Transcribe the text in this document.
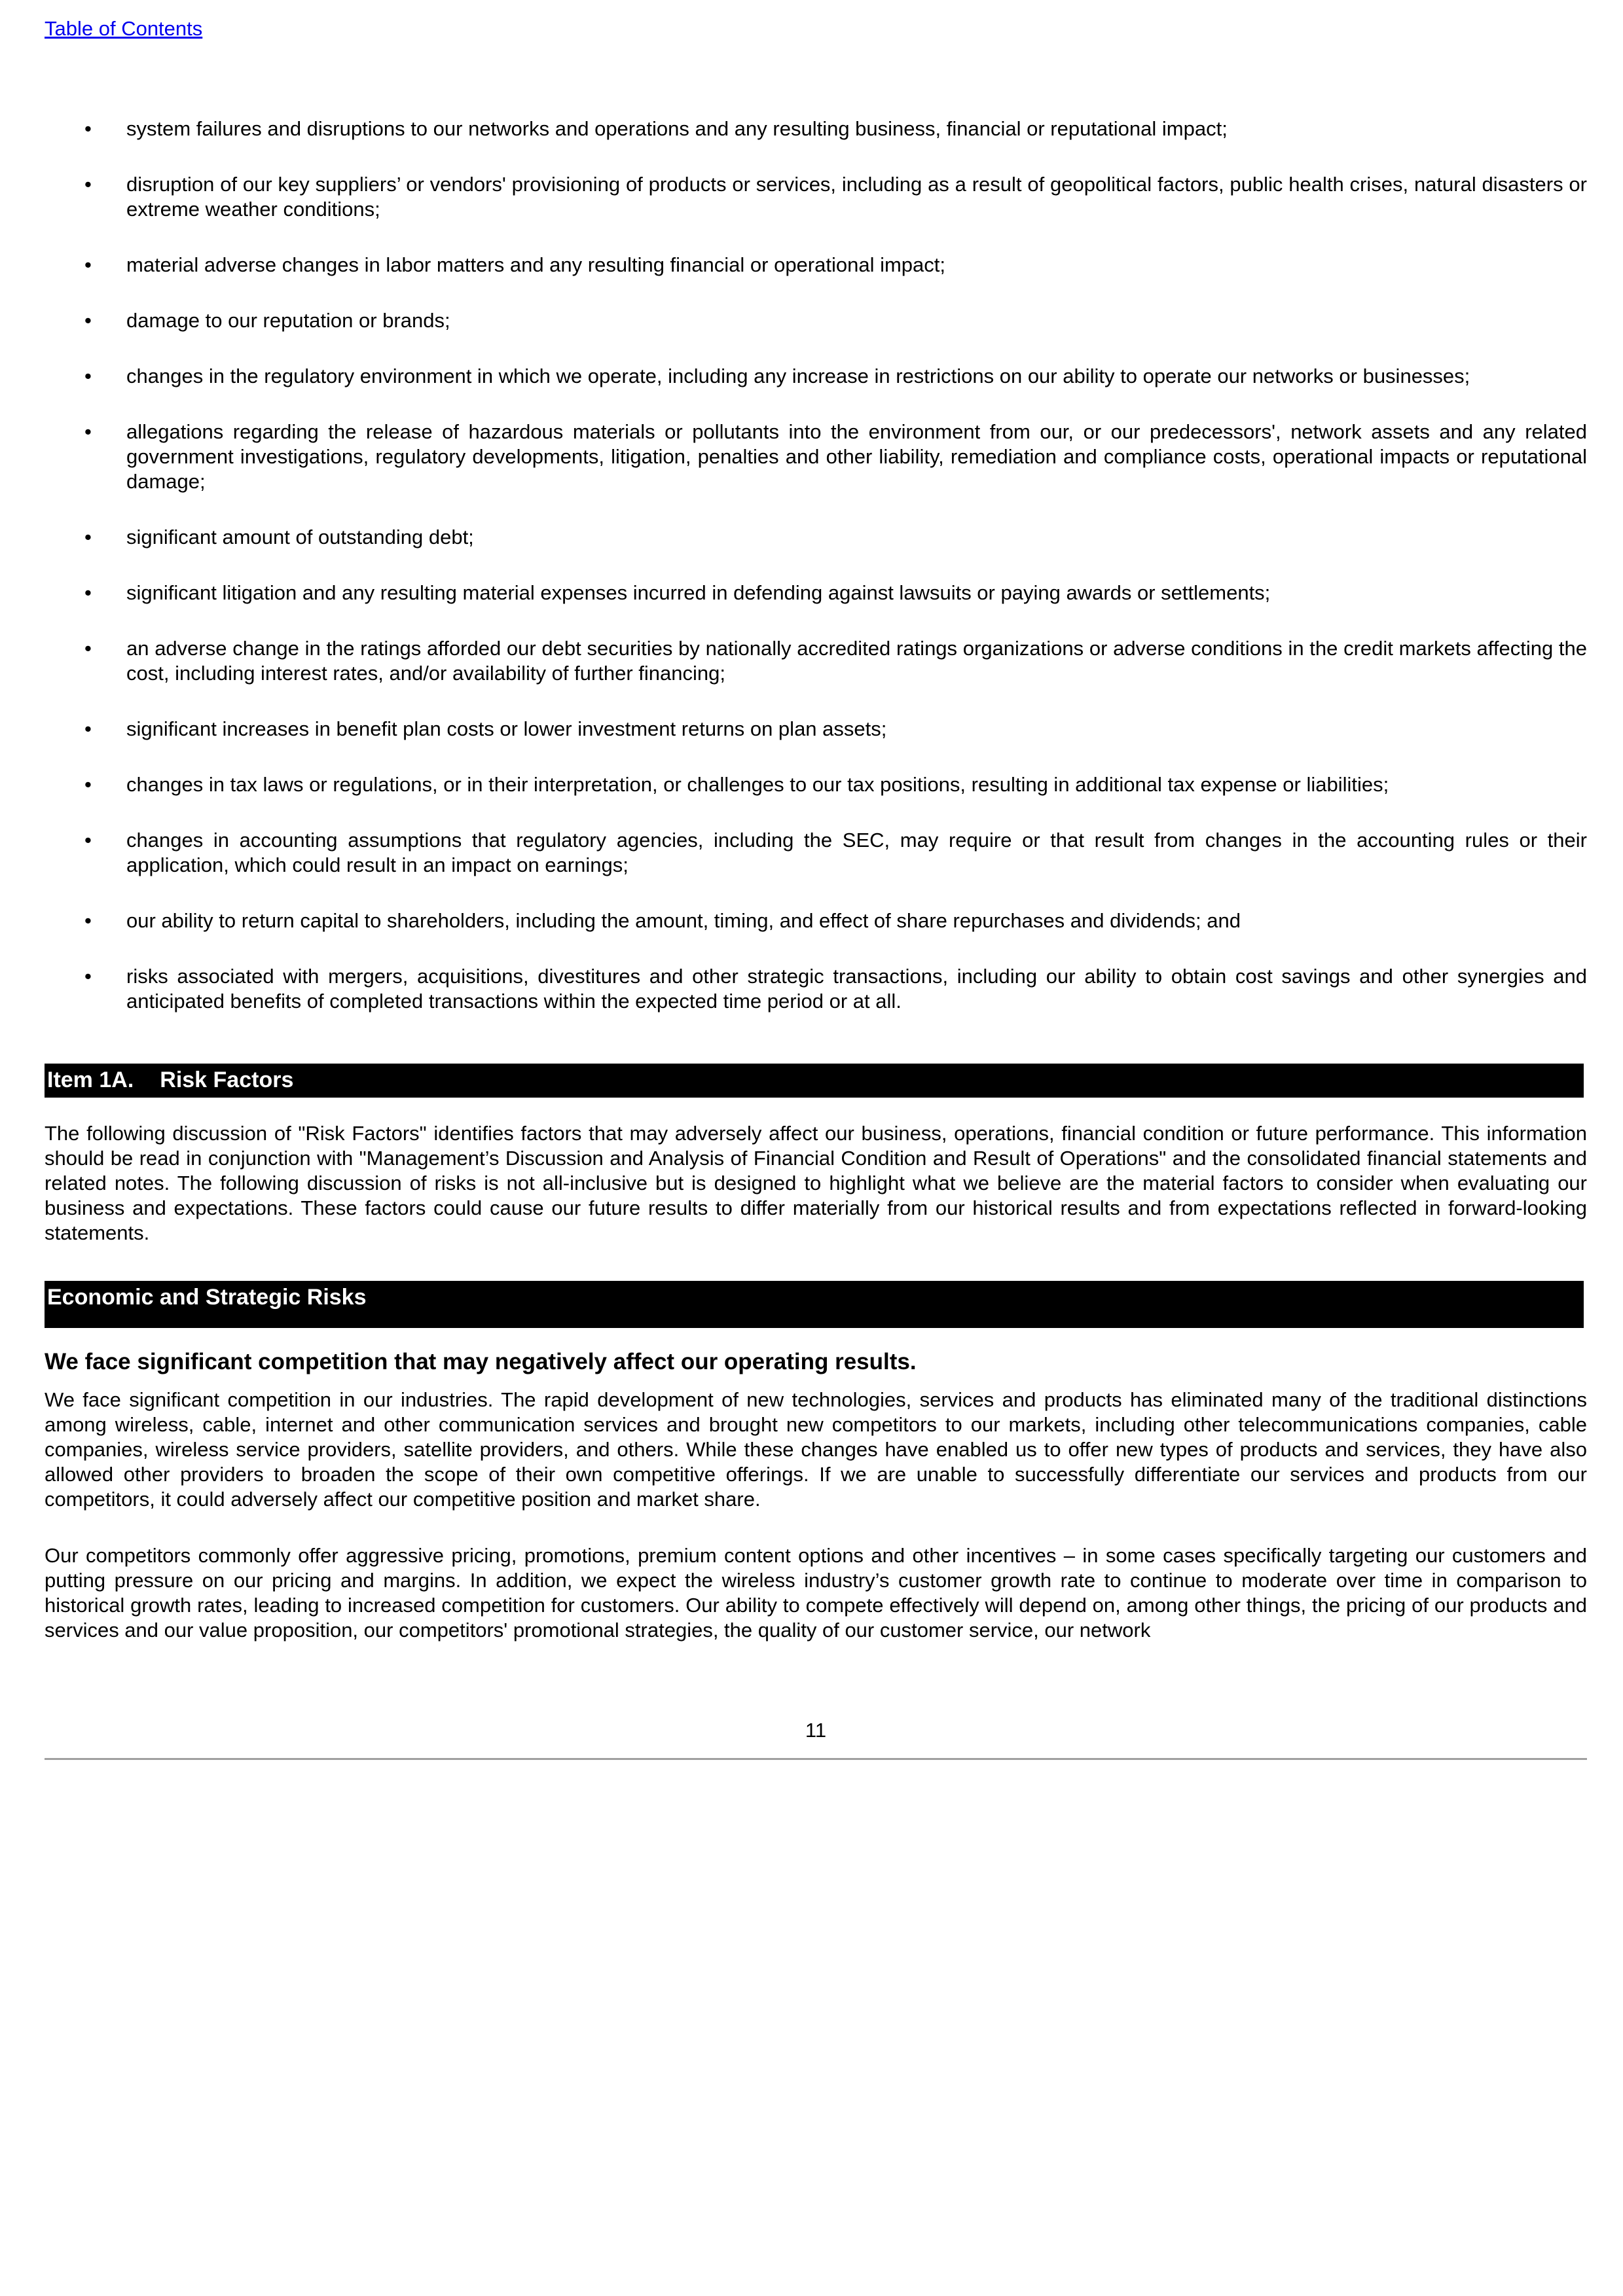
Table of Contents
•	system failures and disruptions to our networks and operations and any resulting business, financial or reputational impact;
•	disruption of our key suppliers’ or vendors' provisioning of products or services, including as a result of geopolitical factors, public health crises, natural disasters or extreme weather conditions;
•	material adverse changes in labor matters and any resulting financial or operational impact;
•	damage to our reputation or brands;
•	changes in the regulatory environment in which we operate, including any increase in restrictions on our ability to operate our networks or businesses;
•	allegations regarding the release of hazardous materials or pollutants into the environment from our, or our predecessors', network assets and any related government investigations, regulatory developments, litigation, penalties and other liability, remediation and compliance costs, operational impacts or reputational damage;
•	significant amount of outstanding debt;
•	significant litigation and any resulting material expenses incurred in defending against lawsuits or paying awards or settlements;
•	an adverse change in the ratings afforded our debt securities by nationally accredited ratings organizations or adverse conditions in the credit markets affecting the cost, including interest rates, and/or availability of further financing;
•	significant increases in benefit plan costs or lower investment returns on plan assets;
•	changes in tax laws or regulations, or in their interpretation, or challenges to our tax positions, resulting in additional tax expense or liabilities;
•	changes in accounting assumptions that regulatory agencies, including the SEC, may require or that result from changes in the accounting rules or their application, which could result in an impact on earnings;
•	our ability to return capital to shareholders, including the amount, timing, and effect of share repurchases and dividends; and
•	risks associated with mergers, acquisitions, divestitures and other strategic transactions, including our ability to obtain cost savings and other synergies and anticipated benefits of completed transactions within the expected time period or at all.
Item 1A. Risk Factors

The following discussion of "Risk Factors" identifies factors that may adversely affect our business, operations, financial condition or future performance. This information should be read in conjunction with "Management’s Discussion and Analysis of Financial Condition and Result of Operations" and the consolidated financial statements and related notes. The following discussion of risks is not all-inclusive but is designed to highlight what we believe are the material factors to consider when evaluating our business and expectations. These factors could cause our future results to differ materially from our historical results and from expectations reflected in forward-looking statements.

Economic and Strategic Risks
We face significant competition that may negatively affect our operating results.

We face significant competition in our industries. The rapid development of new technologies, services and products has eliminated many of the traditional distinctions among wireless, cable, internet and other communication services and brought new competitors to our markets, including other telecommunications companies, cable companies, wireless service providers, satellite providers, and others. While these changes have enabled us to offer new types of products and services, they have also allowed other providers to broaden the scope of their own competitive offerings. If we are unable to successfully differentiate our services and products from our competitors, it could adversely affect our competitive position and market share.

Our competitors commonly offer aggressive pricing, promotions, premium content options and other incentives – in some cases specifically targeting our customers and putting pressure on our pricing and margins. In addition, we expect the wireless industry’s customer growth rate to continue to moderate over time in comparison to historical growth rates, leading to increased competition for customers. Our ability to compete effectively will depend on, among other things, the pricing of our products and services and our value proposition, our competitors' promotional strategies, the quality of our customer service, our network

11
